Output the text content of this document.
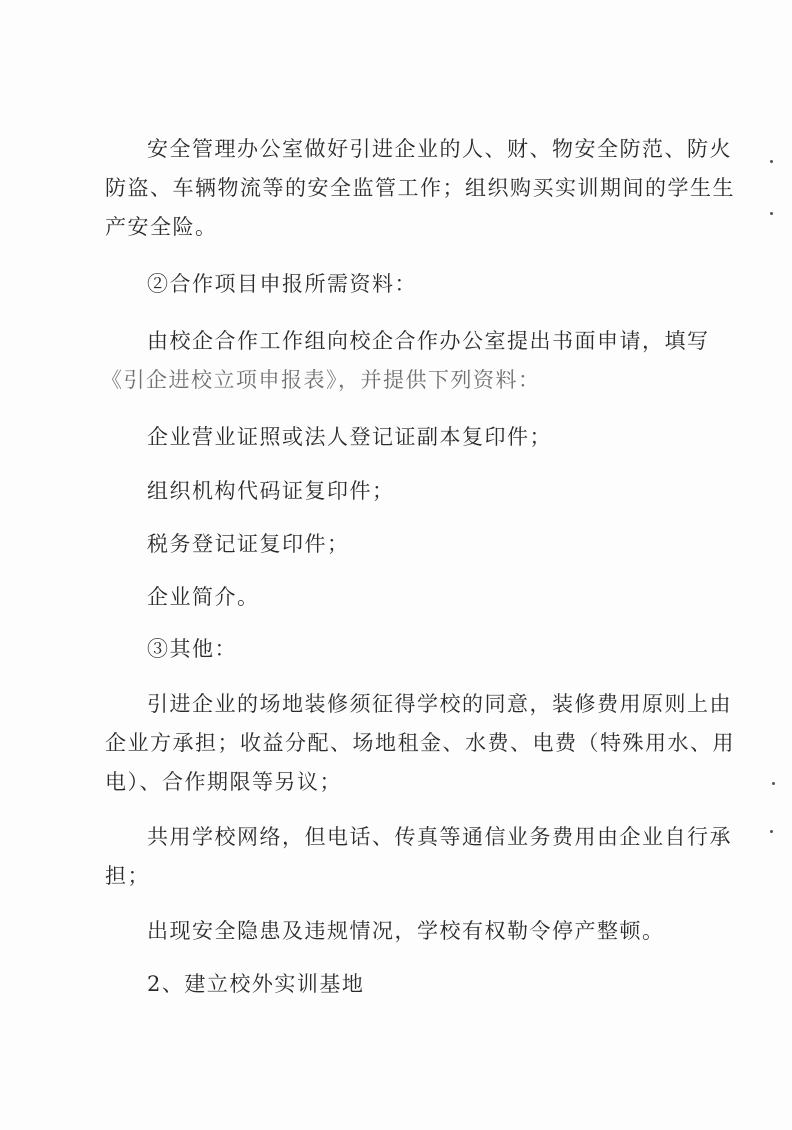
安全管理办公室做好引进企业的人、财、物安全防范、防火
防盗、车辆物流等的安全监管工作；组织购买实训期间的学生生
产安全险。
②合作项目申报所需资料：
由校企合作工作组向校企合作办公室提出书面申请，填写
《引企进校立项申报表》，并提供下列资料：
企业营业证照或法人登记证副本复印件；
组织机构代码证复印件；
税务登记证复印件；
企业简介。
③其他：
引进企业的场地装修须征得学校的同意，装修费用原则上由
企业方承担；收益分配、场地租金、水费、电费（特殊用水、用
电）、合作期限等另议；
共用学校网络，但电话、传真等通信业务费用由企业自行承
担；
出现安全隐患及违规情况，学校有权勒令停产整顿。
2、建立校外实训基地
